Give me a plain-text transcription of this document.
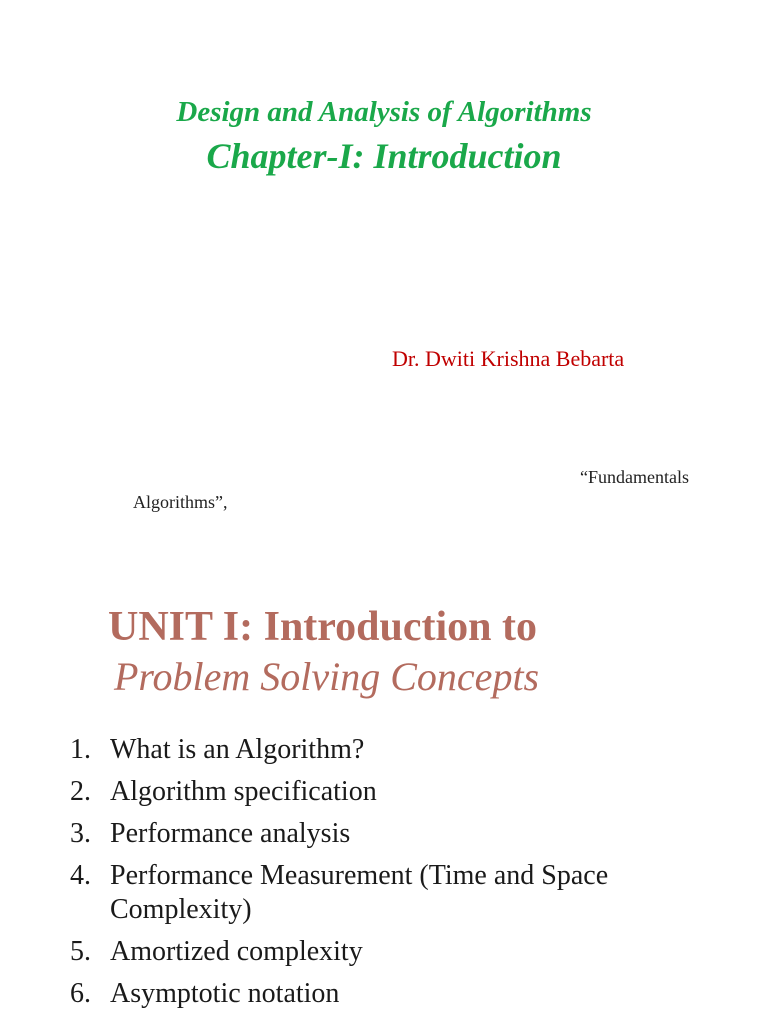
Design and Analysis of Algorithms
Chapter-I: Introduction
Dr. Dwiti Krishna Bebarta
“Fundamentals
Algorithms”,
UNIT I: Introduction to
Problem Solving Concepts
1. What is an Algorithm?
2. Algorithm specification
3. Performance analysis
4. Performance Measurement (Time and Space Complexity)
5. Amortized complexity
6. Asymptotic notation
